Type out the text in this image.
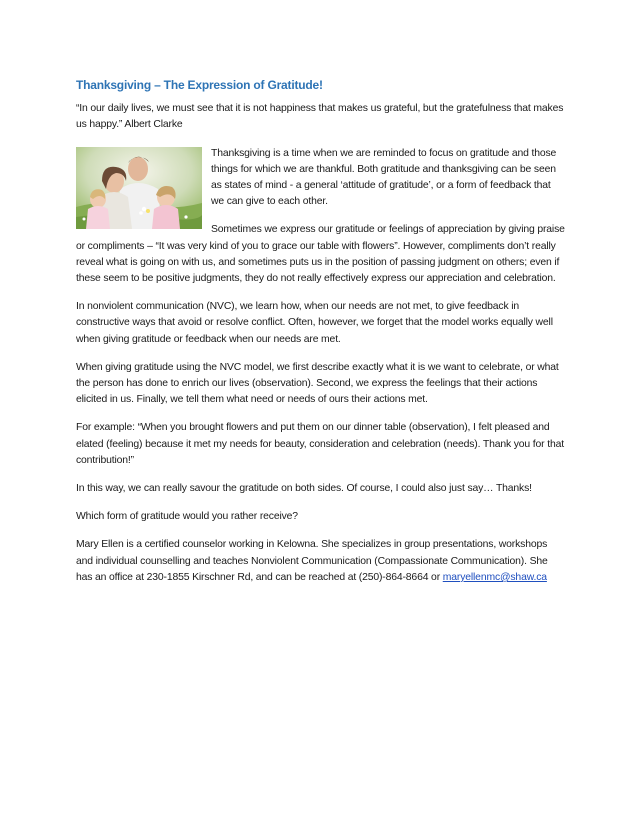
Thanksgiving – The Expression of Gratitude!

“In our daily lives, we must see that it is not happiness that makes us grateful, but the gratefulness that makes us happy.” Albert Clarke

Thanksgiving is a time when we are reminded to focus on gratitude and those things for which we are thankful. Both gratitude and thanksgiving can be seen as states of mind - a general ‘attitude of gratitude’, or a form of feedback that we can give to each other.

Sometimes we express our gratitude or feelings of appreciation by giving praise or compliments – “It was very kind of you to grace our table with flowers”. However, compliments don’t really reveal what is going on with us, and sometimes puts us in the position of passing judgment on others; even if these seem to be positive judgments, they do not really effectively express our appreciation and celebration.

In nonviolent communication (NVC), we learn how, when our needs are not met, to give feedback in constructive ways that avoid or resolve conflict. Often, however, we forget that the model works equally well when giving gratitude or feedback when our needs are met.

When giving gratitude using the NVC model, we first describe exactly what it is we want to celebrate, or what the person has done to enrich our lives (observation). Second, we express the feelings that their actions elicited in us. Finally, we tell them what need or needs of ours their actions met.

For example: “When you brought flowers and put them on our dinner table (observation), I felt pleased and elated (feeling) because it met my needs for beauty, consideration and celebration (needs). Thank you for that contribution!”

In this way, we can really savour the gratitude on both sides. Of course, I could also just say… Thanks!

Which form of gratitude would you rather receive?

Mary Ellen is a certified counselor working in Kelowna. She specializes in group presentations, workshops and individual counselling and teaches Nonviolent Communication (Compassionate Communication). She has an office at 230-1855 Kirschner Rd, and can be reached at (250)-864-8664 or maryellenmc@shaw.ca
